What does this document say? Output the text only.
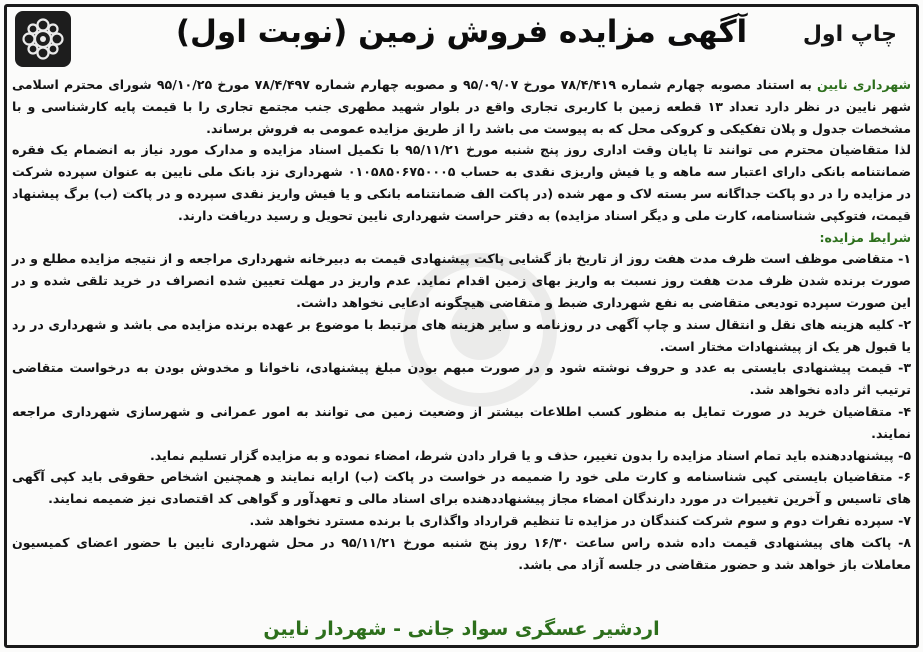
آگهی مزایده فروش زمین (نوبت اول)	چاپ اول

شهرداری نایین به استناد مصوبه چهارم شماره ۷۸/۴/۴۱۹ مورخ ۹۵/۰۹/۰۷ و مصوبه چهارم شماره ۷۸/۴/۴۹۷ مورخ ۹۵/۱۰/۲۵ شورای محترم اسلامی شهر نایین در نظر دارد تعداد ۱۳ قطعه زمین با کاربری تجاری واقع در بلوار شهید مطهری جنب مجتمع تجاری را با قیمت پایه کارشناسی و با مشخصات جدول و پلان تفکیکی و کروکی محل که به پیوست می باشد را از طریق مزایده عمومی به فروش برساند.

لذا متقاضیان محترم می توانند تا پایان وقت اداری روز پنج شنبه مورخ ۹۵/۱۱/۲۱ با تکمیل اسناد مزایده و مدارک مورد نیاز به انضمام یک فقره ضمانتنامه بانکی دارای اعتبار سه ماهه و یا فیش واریزی نقدی به حساب ۰۱۰۵۸۵۰۶۷۵۰۰۰۵ شهرداری نزد بانک ملی نایین به عنوان سپرده شرکت در مزایده را در دو پاکت جداگانه سر بسته لاک و مهر شده (در پاکت الف ضمانتنامه بانکی و یا فیش واریز نقدی سپرده و در پاکت (ب) برگ پیشنهاد قیمت، فتوکپی شناسنامه، کارت ملی و دیگر اسناد مزایده) به دفتر حراست شهرداری نایین تحویل و رسید دریافت دارند.

شرایط مزایده:

۱- متقاضی موظف است ظرف مدت هفت روز از تاریخ باز گشایی پاکت پیشنهادی قیمت به دبیرخانه شهرداری مراجعه و از نتیجه مزایده مطلع و در صورت برنده شدن ظرف مدت هفت روز نسبت به واریز بهای زمین اقدام نماید. عدم واریز در مهلت تعیین شده انصراف در خرید تلقی شده و در این صورت سپرده تودیعی متقاضی به نفع شهرداری ضبط و متقاضی هیچگونه ادعایی نخواهد داشت.

۲- کلیه هزینه های نقل و انتقال سند و چاپ آگهی در روزنامه و سایر هزینه های مرتبط با موضوع بر عهده برنده مزایده می باشد و شهرداری در رد یا قبول هر یک از پیشنهادات مختار است.

۳- قیمت پیشنهادی بایستی به عدد و حروف نوشته شود و در صورت مبهم بودن مبلغ پیشنهادی، ناخوانا و مخدوش بودن به درخواست متقاضی ترتیب اثر داده نخواهد شد.

۴- متقاضیان خرید در صورت تمایل به منظور کسب اطلاعات بیشتر از وضعیت زمین می توانند به امور عمرانی و شهرسازی شهرداری مراجعه نمایند.

۵- پیشنهاددهنده باید تمام اسناد مزایده را بدون تغییر، حذف و یا قرار دادن شرط، امضاء نموده و به مزایده گزار تسلیم نماید.

۶- متقاضیان بایستی کپی شناسنامه و کارت ملی خود را ضمیمه در خواست در پاکت (ب) ارایه نمایند و همچنین اشخاص حقوقی باید کپی آگهی های تاسیس و آخرین تغییرات در مورد دارندگان امضاء مجاز پیشنهاددهنده برای اسناد مالی و تعهدآور و گواهی کد اقتصادی نیز ضمیمه نمایند.

۷- سپرده نفرات دوم و سوم شرکت کنندگان در مزایده تا تنظیم قرارداد واگذاری با برنده مسترد نخواهد شد.

۸- پاکت های پیشنهادی قیمت داده شده راس ساعت ۱۶/۳۰ روز پنج شنبه مورخ ۹۵/۱۱/۲۱ در محل شهرداری نایین با حضور اعضای کمیسیون معاملات باز خواهد شد و حضور متقاضی در جلسه آزاد می باشد.

اردشیر عسگری سواد جانی - شهردار نایین
